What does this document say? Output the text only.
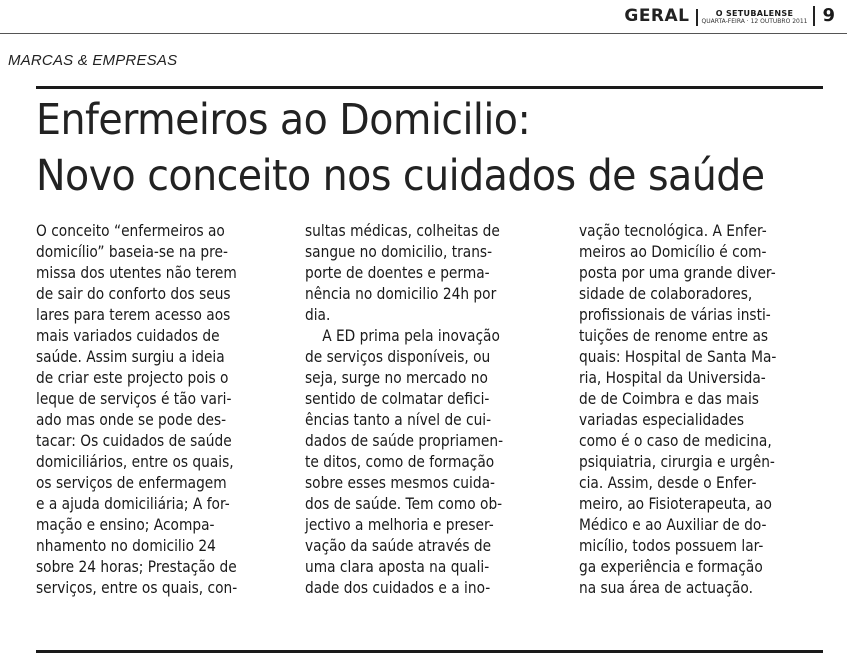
GERAL	O SETUBALENSE
QUARTA-FEIRA · 12 OUTUBRO 2011 9
MARCAS & EMPRESAS
Enfermeiros ao Domicilio:
Novo conceito nos cuidados de saúde
O conceito “enfermeiros ao
domicílio” baseia-se na pre-
missa dos utentes não terem
de sair do conforto dos seus
lares para terem acesso aos
mais variados cuidados de
saúde. Assim surgiu a ideia
de criar este projecto pois o
leque de serviços é tão vari-
ado mas onde se pode des-
tacar: Os cuidados de saúde
domiciliários, entre os quais,
os serviços de enfermagem
e a ajuda domiciliária; A for-
mação e ensino; Acompa-
nhamento no domicilio 24
sobre 24 horas; Prestação de
serviços, entre os quais, con-
sultas médicas, colheitas de
sangue no domicilio, trans-
porte de doentes e perma-
nência no domicilio 24h por
dia.
A ED prima pela inovação
de serviços disponíveis, ou
seja, surge no mercado no
sentido de colmatar defici-
ências tanto a nível de cui-
dados de saúde propriamen-
te ditos, como de formação
sobre esses mesmos cuida-
dos de saúde. Tem como ob-
jectivo a melhoria e preser-
vação da saúde através de
uma clara aposta na quali-
dade dos cuidados e a ino-
vação tecnológica. A Enfer-
meiros ao Domicílio é com-
posta por uma grande diver-
sidade de colaboradores,
profissionais de várias insti-
tuições de renome entre as
quais: Hospital de Santa Ma-
ria, Hospital da Universida-
de de Coimbra e das mais
variadas especialidades
como é o caso de medicina,
psiquiatria, cirurgia e urgên-
cia. Assim, desde o Enfer-
meiro, ao Fisioterapeuta, ao
Médico e ao Auxiliar de do-
micílio, todos possuem lar-
ga experiência e formação
na sua área de actuação.
